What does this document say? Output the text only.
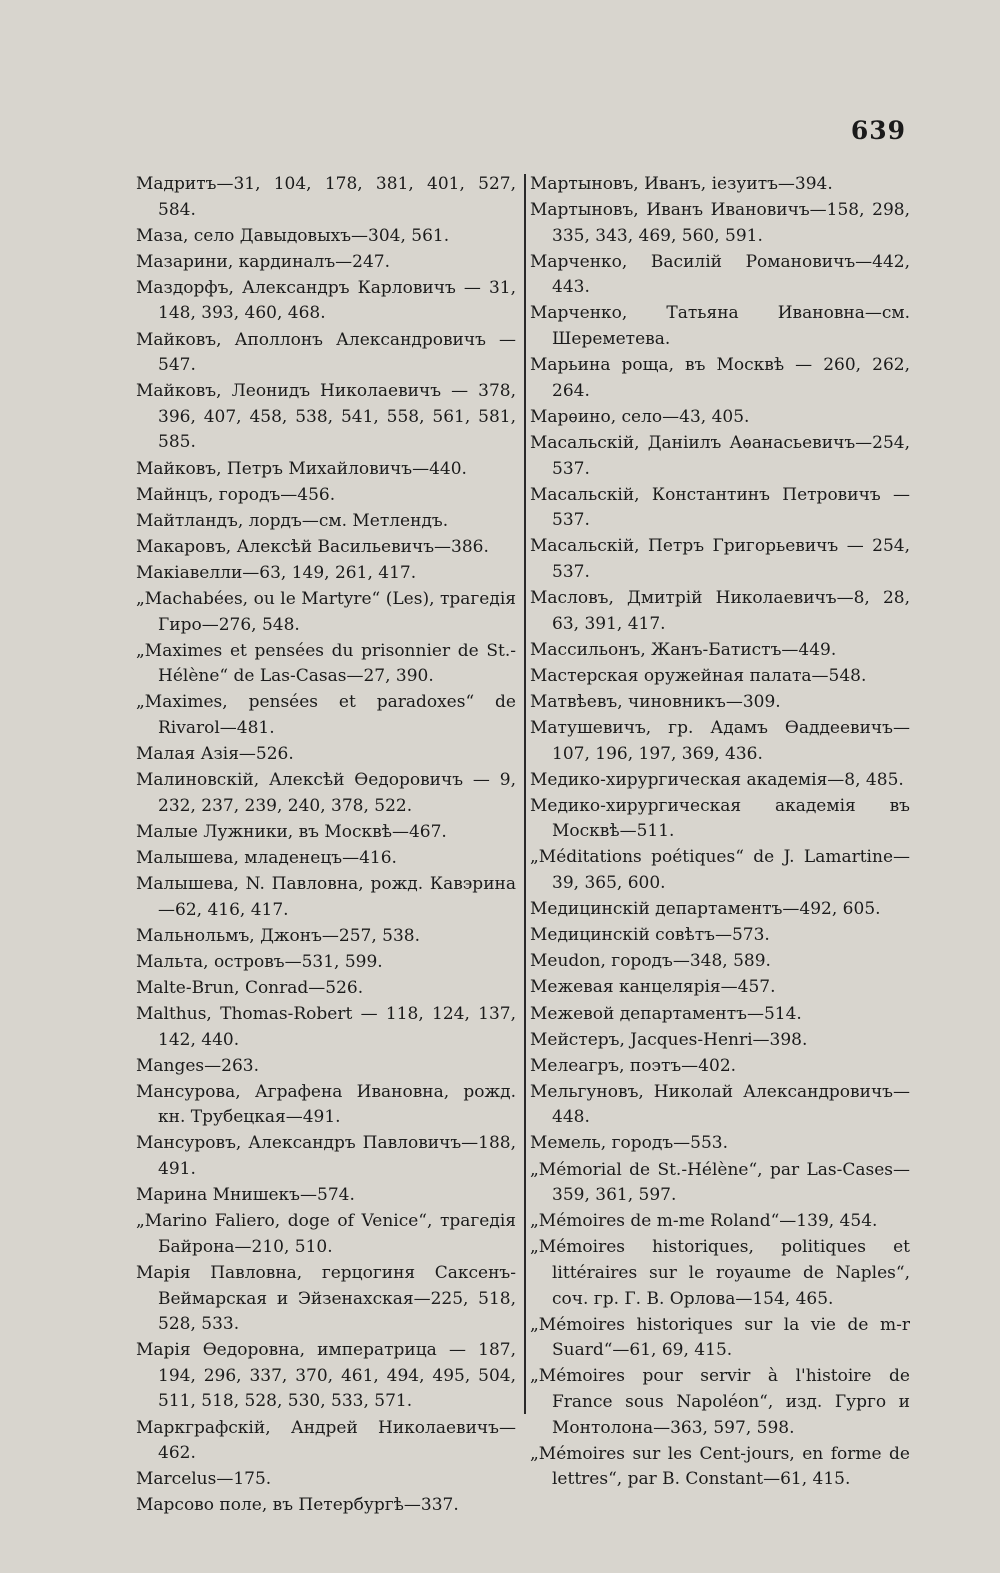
639

Мадритъ—31, 104, 178, 381, 401, 527, 584.

Маза, село Давыдовыхъ—304, 561.

Мазарини, кардиналъ—247.

Маздорфъ, Александръ Карловичъ — 31, 148, 393, 460, 468.

Майковъ, Аполлонъ Александровичъ — 547.

Майковъ, Леонидъ Николаевичъ — 378, 396, 407, 458, 538, 541, 558, 561, 581, 585.

Майковъ, Петръ Михайловичъ—440.

Майнцъ, городъ—456.

Майтландъ, лордъ—см. Метлендъ.

Макаровъ, Алексѣй Васильевичъ—386.

Макіавелли—63, 149, 261, 417.

„Machabées, ou le Martyre“ (Les), трагедія Гиро—276, 548.

„Maximes et pensées du prisonnier de St.-Hélène“ de Las-Casas—27, 390.

„Maximes, pensées et paradoxes“ de Rivarol—481.

Малая Азія—526.

Малиновскій, Алексѣй Ѳедоровичъ — 9, 232, 237, 239, 240, 378, 522.

Малые Лужники, въ Москвѣ—467.

Малышева, младенецъ—416.

Малышева, N. Павловна, рожд. Кавэрина—62, 416, 417.

Мальнольмъ, Джонъ—257, 538.

Мальта, островъ—531, 599.

Malte-Brun, Conrad—526.

Malthus, Thomas-Robert — 118, 124, 137, 142, 440.

Manges—263.

Мансурова, Аграфена Ивановна, рожд. кн. Трубецкая—491.

Мансуровъ, Александръ Павловичъ—188, 491.

Марина Мнишекъ—574.

„Marino Faliero, doge of Venice“, трагедія Байрона—210, 510.

Марія Павловна, герцогиня Саксенъ-Веймарская и Эйзенахская—225, 518, 528, 533.

Марія Ѳедоровна, императрица — 187, 194, 296, 337, 370, 461, 494, 495, 504, 511, 518, 528, 530, 533, 571.

Маркграфскій, Андрей Николаевичъ—462.

Marcelus—175.

Марсово поле, въ Петербургѣ—337.

Мартыновъ, Иванъ, іезуитъ—394.

Мартыновъ, Иванъ Ивановичъ—158, 298, 335, 343, 469, 560, 591.

Марченко, Василій Романовичъ—442, 443.

Марченко, Татьяна Ивановна—см. Шереметева.

Марьина роща, въ Москвѣ — 260, 262, 264.

Марѳино, село—43, 405.

Масальскій, Даніилъ Аѳанасьевичъ—254, 537.

Масальскій, Константинъ Петровичъ — 537.

Масальскій, Петръ Григорьевичъ — 254, 537.

Масловъ, Дмитрій Николаевичъ—8, 28, 63, 391, 417.

Массильонъ, Жанъ-Батистъ—449.

Мастерская оружейная палата—548.

Матвѣевъ, чиновникъ—309.

Матушевичъ, гр. Адамъ Ѳаддеевичъ—107, 196, 197, 369, 436.

Медико-хирургическая академія—8, 485.

Медико-хирургическая академія въ Москвѣ—511.

„Méditations poétiques“ de J. Lamartine—39, 365, 600.

Медицинскій департаментъ—492, 605.

Медицинскій совѣтъ—573.

Meudon, городъ—348, 589.

Межевая канцелярія—457.

Межевой департаментъ—514.

Мейстеръ, Jacques-Henri—398.

Мелеагръ, поэтъ—402.

Мельгуновъ, Николай Александровичъ—448.

Мемель, городъ—553.

„Mémorial de St.-Hélène“, par Las-Cases—359, 361, 597.

„Mémoires de m-me Roland“—139, 454.

„Mémoires historiques, politiques et littéraires sur le royaume de Naples“, соч. гр. Г. В. Орлова—154, 465.

„Mémoires historiques sur la vie de m-r Suard“—61, 69, 415.

„Mémoires pour servir à l'histoire de France sous Napoléon“, изд. Гурго и Монтолона—363, 597, 598.

„Mémoires sur les Cent-jours, en forme de lettres“, par B. Constant—61, 415.
